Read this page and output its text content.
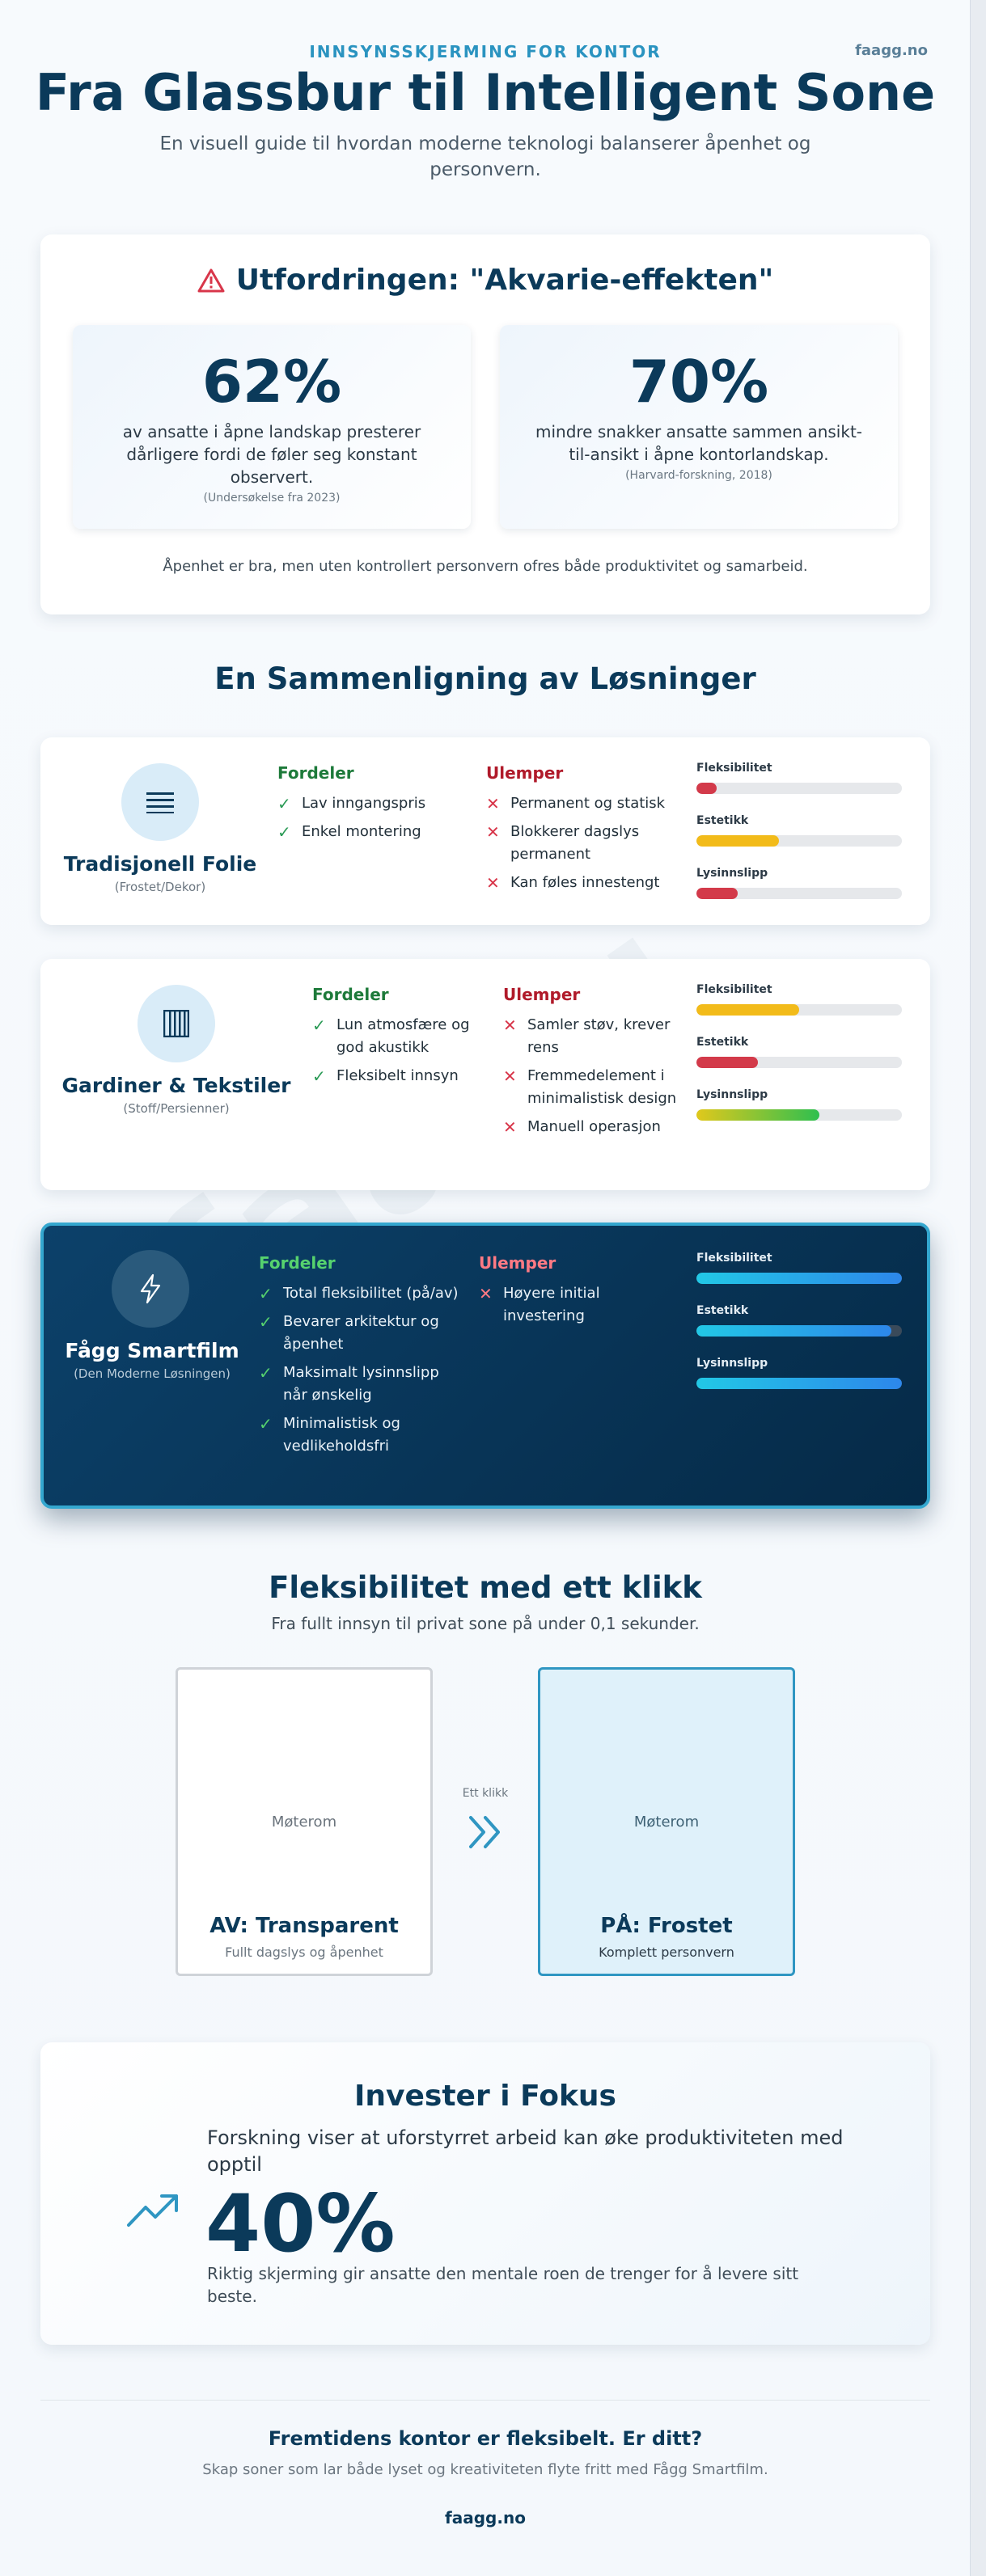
INNSYNSSKJERMING FOR KONTOR	faagg.no
Fra Glassbur til Intelligent Sone

En visuell guide til hvordan moderne teknologi balanserer åpenhet og personvern.

Utfordringen: "Akvarie-effekten"
62%
av ansatte i åpne landskap presterer dårligere fordi de føler seg konstant observert.
(Undersøkelse fra 2023)
70%
mindre snakker ansatte sammen ansikt-til-ansikt i åpne kontorlandskap.
(Harvard-forskning, 2018)
Åpenhet er bra, men uten kontrollert personvern ofres både produktivitet og samarbeid.
En Sammenligning av Løsninger
Tradisjonell Folie
(Frostet/Dekor)
Fordeler
✓ Lav inngangspris
✓ Enkel montering
Ulemper
✕ Permanent og statisk
✕ Blokkerer dagslys permanent
✕ Kan føles innestengt
Fleksibilitet
Estetikk
Lysinnslipp
Gardiner & Tekstiler
(Stoff/Persienner)
Fordeler
✓ Lun atmosfære og god akustikk
✓ Fleksibelt innsyn
Ulemper
✕ Samler støv, krever rens
✕ Fremmedelement i minimalistisk design
✕ Manuell operasjon
Fleksibilitet
Estetikk
Lysinnslipp
Fågg Smartfilm
(Den Moderne Løsningen)
Fordeler
✓ Total fleksibilitet (på/av)
✓ Bevarer arkitektur og åpenhet
✓ Maksimalt lysinnslipp når ønskelig
✓ Minimalistisk og vedlikeholdsfri
Ulemper
✕ Høyere initial investering
Fleksibilitet
Estetikk
Lysinnslipp
Fleksibilitet med ett klikk

Fra fullt innsyn til privat sone på under 0,1 sekunder.

Møterom
AV: Transparent
Fullt dagslys og åpenhet
Ett klikk
Møterom
PÅ: Frostet
Komplett personvern
Invester i Fokus
Forskning viser at uforstyrret arbeid kan øke produktiviteten med opptil
40%
Riktig skjerming gir ansatte den mentale roen de trenger for å levere sitt beste.
Fremtidens kontor er fleksibelt. Er ditt?
Skap soner som lar både lyset og kreativiteten flyte fritt med Fågg Smartfilm.
faagg.no
